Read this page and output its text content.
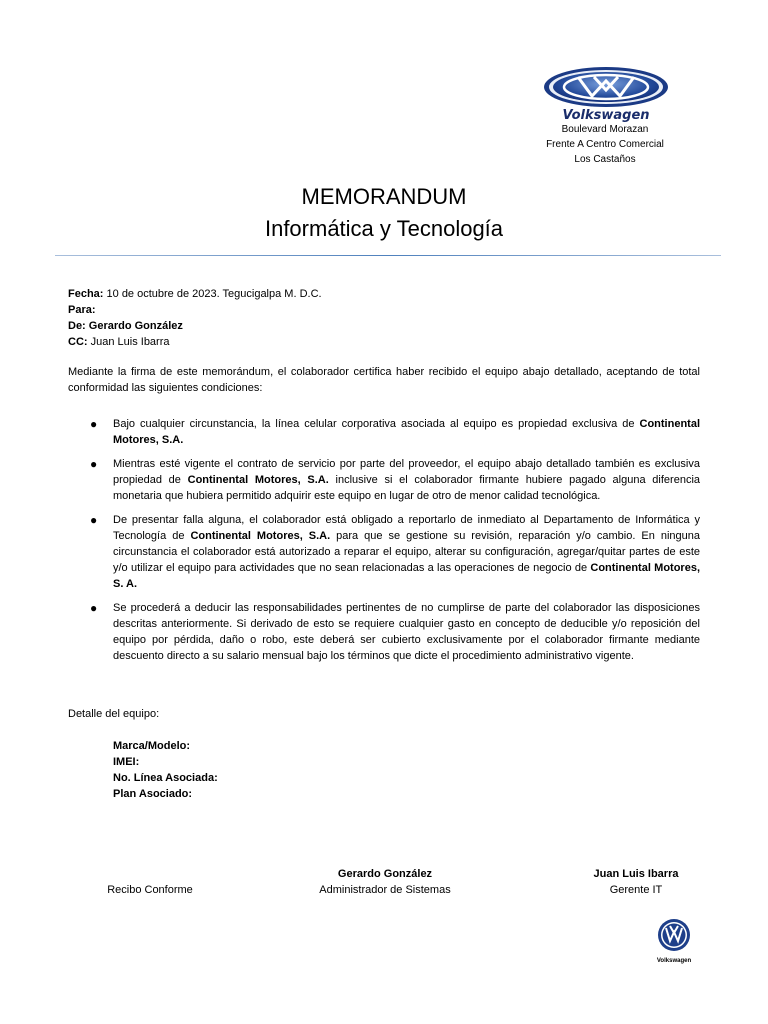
Volkswagen
Boulevard Morazan
Frente A Centro Comercial
Los Castaños
MEMORANDUM
Informática y Tecnología
Fecha: 10 de octubre de 2023. Tegucigalpa M. D.C.
Para:
De: Gerardo González
CC: Juan Luis Ibarra
Mediante la firma de este memorándum, el colaborador certifica haber recibido el equipo abajo detallado, aceptando de total conformidad las siguientes condiciones:
● Bajo cualquier circunstancia, la línea celular corporativa asociada al equipo es propiedad exclusiva de Continental Motores, S.A.
● Mientras esté vigente el contrato de servicio por parte del proveedor, el equipo abajo detallado también es exclusiva propiedad de Continental Motores, S.A. inclusive si el colaborador firmante hubiere pagado alguna diferencia monetaria que hubiera permitido adquirir este equipo en lugar de otro de menor calidad tecnológica.
● De presentar falla alguna, el colaborador está obligado a reportarlo de inmediato al Departamento de Informática y Tecnología de Continental Motores, S.A. para que se gestione su revisión, reparación y/o cambio. En ninguna circunstancia el colaborador está autorizado a reparar el equipo, alterar su configuración, agregar/quitar partes de este y/o utilizar el equipo para actividades que no sean relacionadas a las operaciones de negocio de Continental Motores, S. A.
● Se procederá a deducir las responsabilidades pertinentes de no cumplirse de parte del colaborador las disposiciones descritas anteriormente. Si derivado de esto se requiere cualquier gasto en concepto de deducible y/o reposición del equipo por pérdida, daño o robo, este deberá ser cubierto exclusivamente por el colaborador firmante mediante descuento directo a su salario mensual bajo los términos que dicte el procedimiento administrativo vigente.
Detalle del equipo:
Marca/Modelo:
IMEI:
No. Línea Asociada:
Plan Asociado:
Recibo Conforme
Gerardo González
Administrador de Sistemas
Juan Luis Ibarra
Gerente IT
Volkswagen
